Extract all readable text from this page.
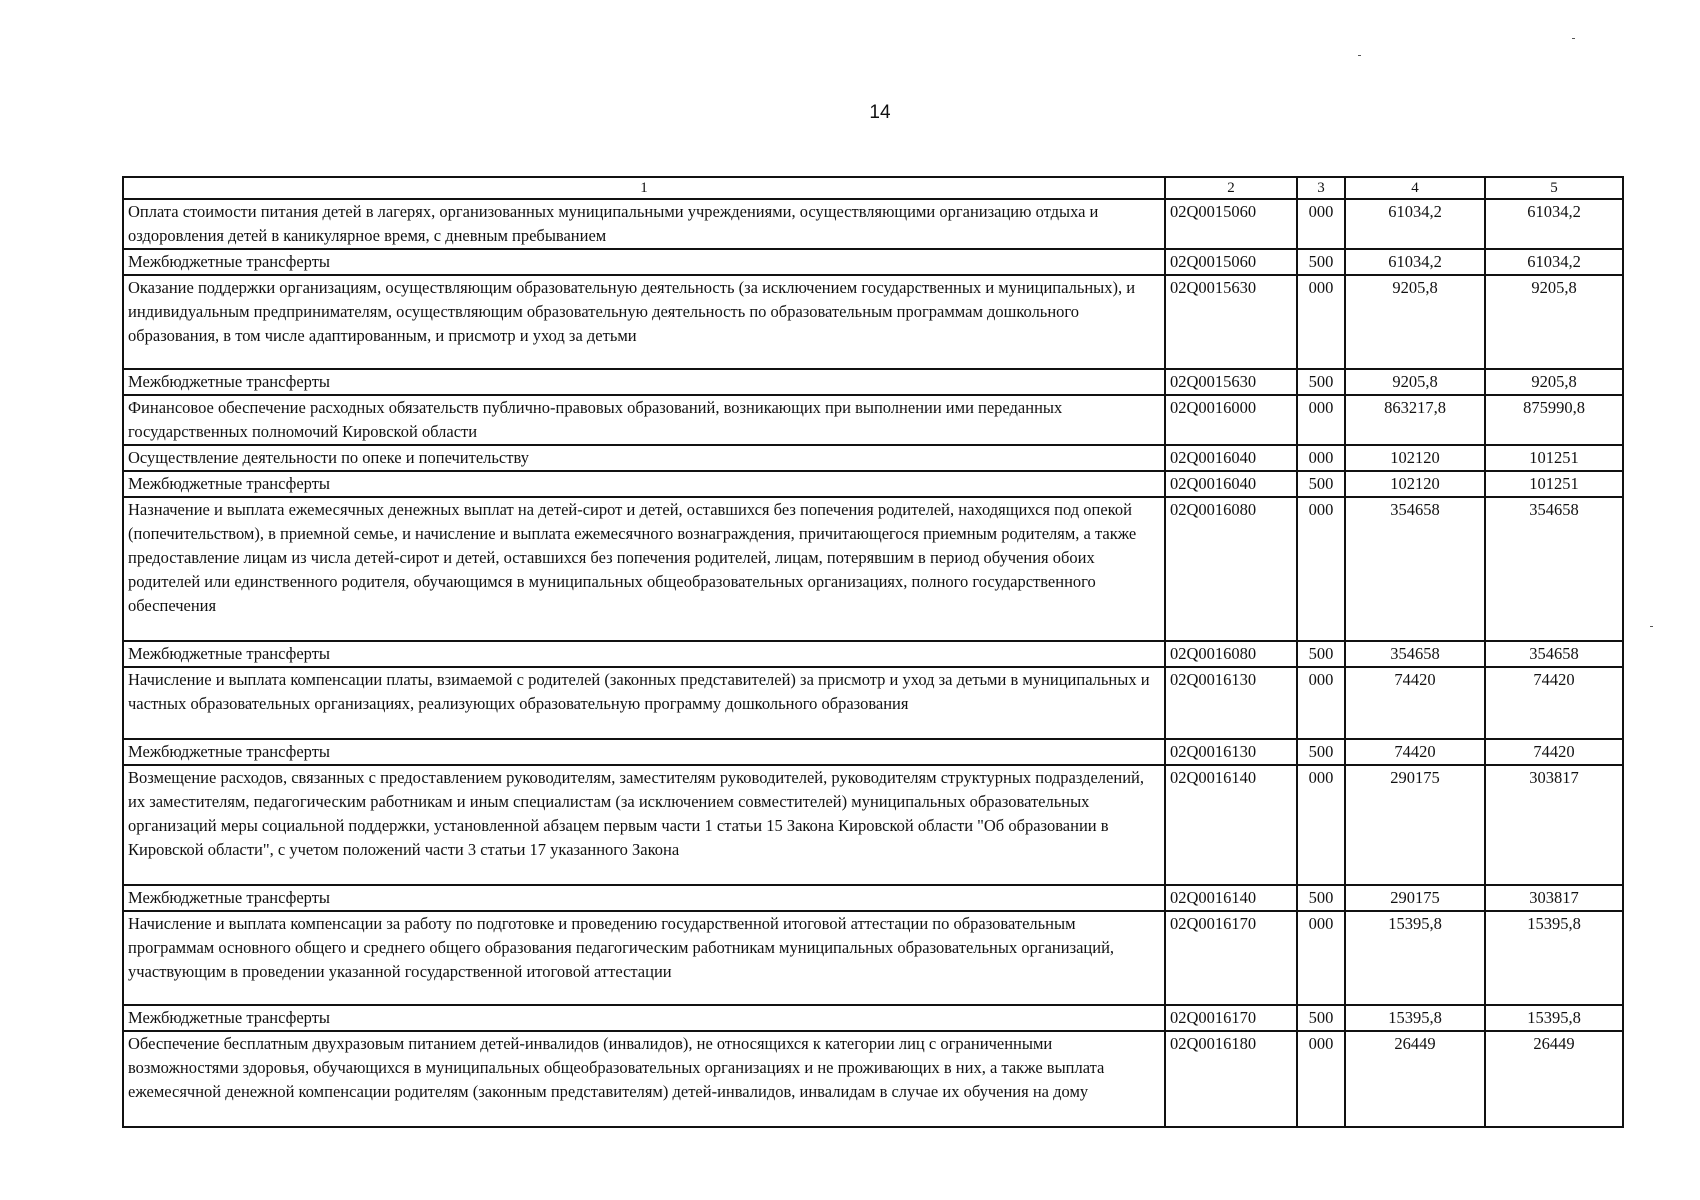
14
1	2	3	4	5
Оплата стоимости питания детей в лагерях, организованных муниципальными учреждениями, осуществляющими организацию отдыха и оздоровления детей в каникулярное время, с дневным пребыванием	02Q0015060	000	61034,2	61034,2
Межбюджетные трансферты	02Q0015060	500	61034,2	61034,2
Оказание поддержки организациям, осуществляющим образовательную деятельность (за исключением государственных и муниципальных), и индивидуальным предпринимателям, осуществляющим образовательную деятельность по образовательным программам дошкольного образования, в том числе адаптированным, и присмотр и уход за детьми	02Q0015630	000	9205,8	9205,8
Межбюджетные трансферты	02Q0015630	500	9205,8	9205,8
Финансовое обеспечение расходных обязательств публично-правовых образований, возникающих при выполнении ими переданных государственных полномочий Кировской области	02Q0016000	000	863217,8	875990,8
Осуществление деятельности по опеке и попечительству	02Q0016040	000	102120	101251
Межбюджетные трансферты	02Q0016040	500	102120	101251
Назначение и выплата ежемесячных денежных выплат на детей-сирот и детей, оставшихся без попечения родителей, находящихся под опекой (попечительством), в приемной семье, и начисление и выплата ежемесячного вознаграждения, причитающегося приемным родителям, а также предоставление лицам из числа детей-сирот и детей, оставшихся без попечения родителей, лицам, потерявшим в период обучения обоих родителей или единственного родителя, обучающимся в муниципальных общеобразовательных организациях, полного государственного обеспечения	02Q0016080	000	354658	354658
Межбюджетные трансферты	02Q0016080	500	354658	354658
Начисление и выплата компенсации платы, взимаемой с родителей (законных представителей) за присмотр и уход за детьми в муниципальных и частных образовательных организациях, реализующих образовательную программу дошкольного образования	02Q0016130	000	74420	74420
Межбюджетные трансферты	02Q0016130	500	74420	74420
Возмещение расходов, связанных с предоставлением руководителям, заместителям руководителей, руководителям структурных подразделений, их заместителям, педагогическим работникам и иным специалистам (за исключением совместителей) муниципальных образовательных организаций меры социальной поддержки, установленной абзацем первым части 1 статьи 15 Закона Кировской области "Об образовании в Кировской области", с учетом положений части 3 статьи 17 указанного Закона	02Q0016140	000	290175	303817
Межбюджетные трансферты	02Q0016140	500	290175	303817
Начисление и выплата компенсации за работу по подготовке и проведению государственной итоговой аттестации по образовательным программам основного общего и среднего общего образования педагогическим работникам муниципальных образовательных организаций, участвующим в проведении указанной государственной итоговой аттестации	02Q0016170	000	15395,8	15395,8
Межбюджетные трансферты	02Q0016170	500	15395,8	15395,8
Обеспечение бесплатным двухразовым питанием детей-инвалидов (инвалидов), не относящихся к категории лиц с ограниченными возможностями здоровья, обучающихся в муниципальных общеобразовательных организациях и не проживающих в них, а также выплата ежемесячной денежной компенсации родителям (законным представителям) детей-инвалидов, инвалидам в случае их обучения на дому	02Q0016180	000	26449	26449
